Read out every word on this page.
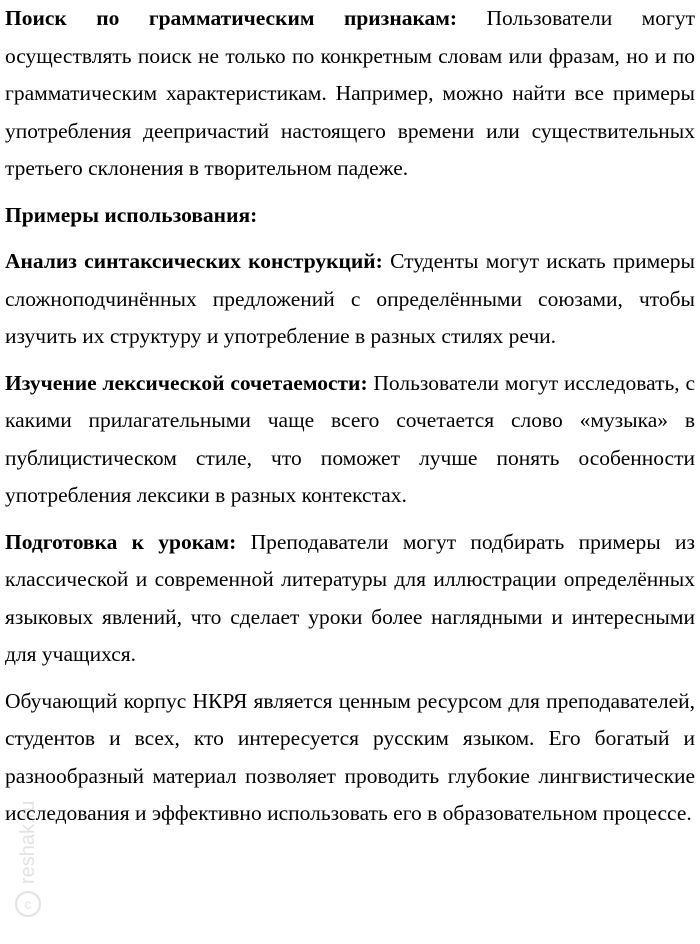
Поиск по грамматическим признакам: Пользователи могут осуществлять поиск не только по конкретным словам или фразам, но и по грамматическим характеристикам. Например, можно найти все примеры употребления деепричастий настоящего времени или существительных третьего склонения в творительном падеже.

Примеры использования:

Анализ синтаксических конструкций: Студенты могут искать примеры сложноподчинённых предложений с определёнными союзами, чтобы изучить их структуру и употребление в разных стилях речи.

Изучение лексической сочетаемости: Пользователи могут исследовать, с какими прилагательными чаще всего сочетается слово «музыка» в публицистическом стиле, что поможет лучше понять особенности употребления лексики в разных контекстах.

Подготовка к урокам: Преподаватели могут подбирать примеры из классической и современной литературы для иллюстрации определённых языковых явлений, что сделает уроки более наглядными и интересными для учащихся.

Обучающий корпус НКРЯ является ценным ресурсом для преподавателей, студентов и всех, кто интересуется русским языком. Его богатый и разнообразный материал позволяет проводить глубокие лингвистические исследования и эффективно использовать его в образовательном процессе.

c
reshak.ru
